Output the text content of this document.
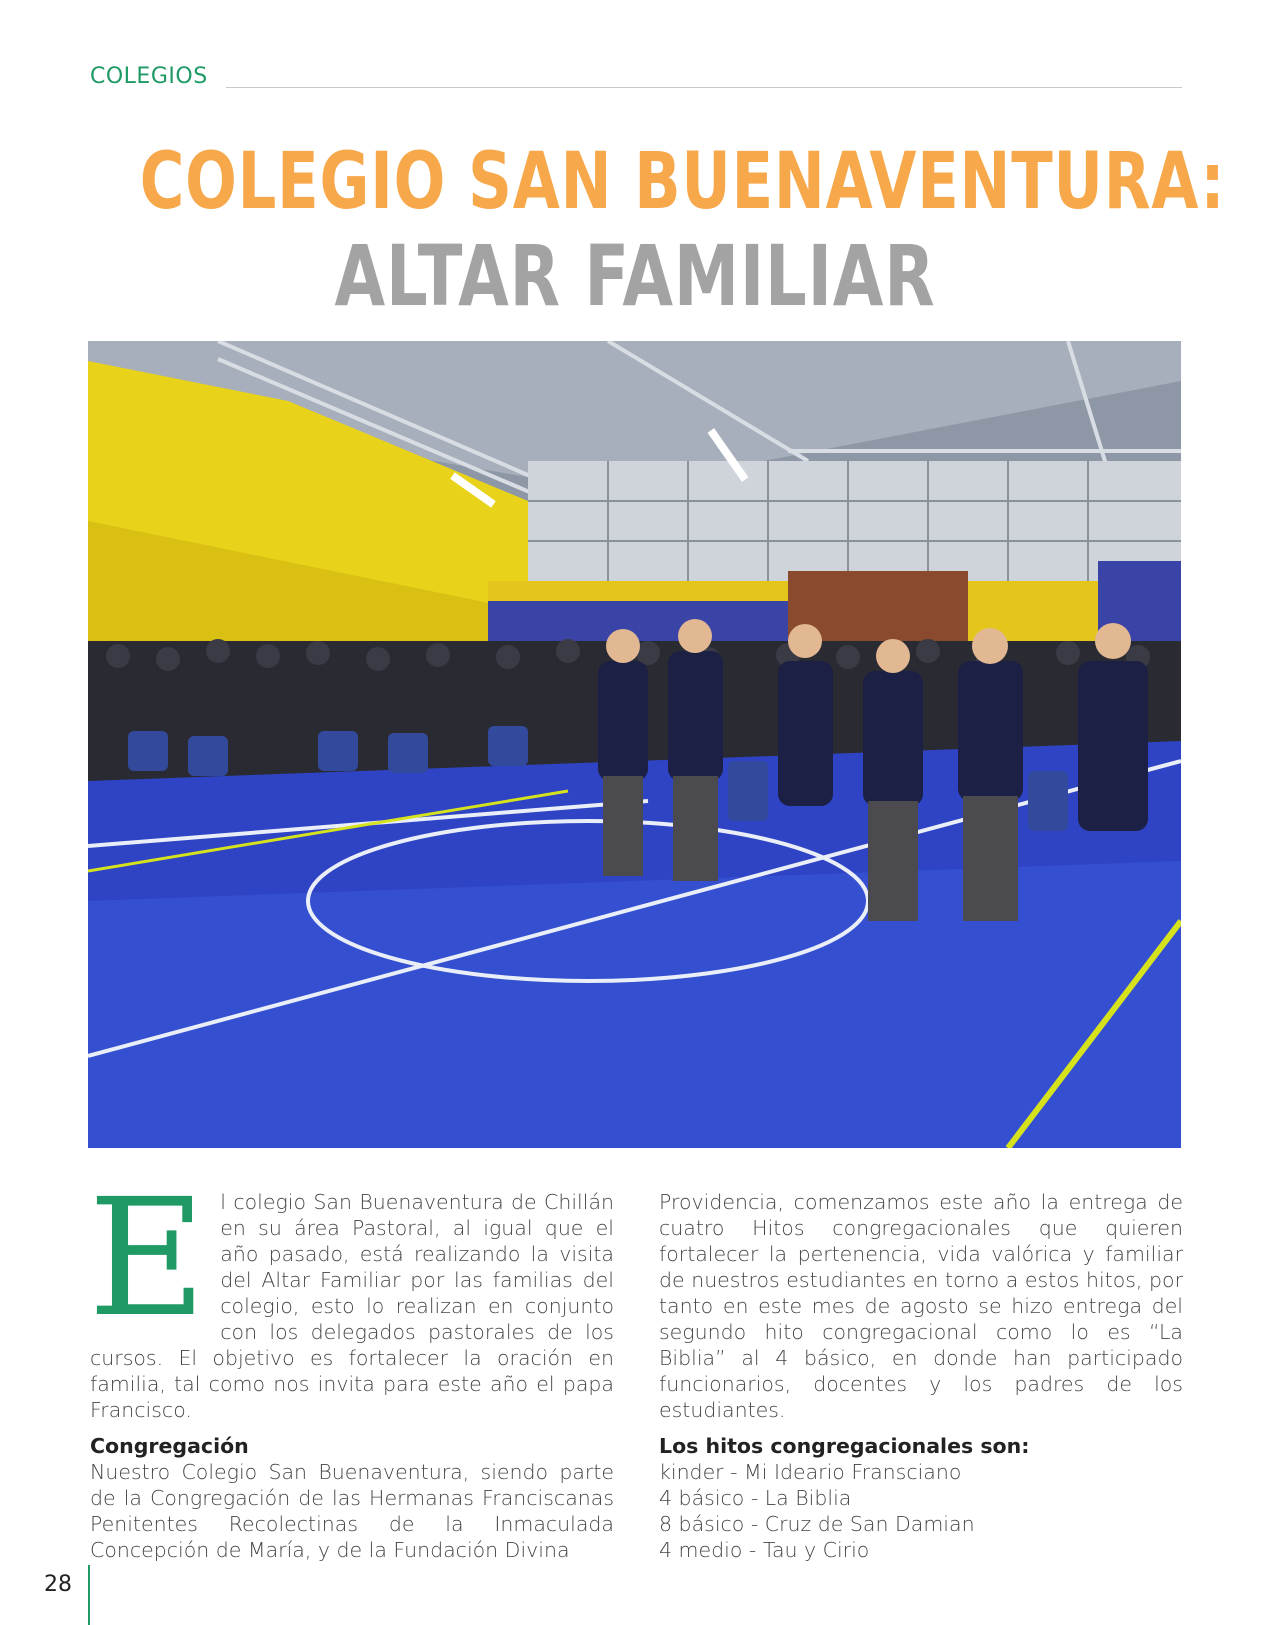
COLEGIOS
COLEGIO SAN BUENAVENTURA:
ALTAR FAMILIAR

El colegio San Buenaventura de Chillán en su área Pastoral, al igual que el año pasado, está realizando la visita del Altar Familiar por las familias del colegio, esto lo realizan en conjunto con los delegados pastorales de los cursos. El objetivo es fortalecer la oración en familia, tal como nos invita para este año el papa Francisco.

Congregación

Nuestro Colegio San Buenaventura, siendo parte de la Congregación de las Hermanas Franciscanas Penitentes Recolectinas de la Inmaculada Concepción de María, y de la Fundación Divina

Providencia, comenzamos este año la entrega de cuatro Hitos congregacionales que quieren fortalecer la pertenencia, vida valórica y familiar de nuestros estudiantes en torno a estos hitos, por tanto en este mes de agosto se hizo entrega del segundo hito congregacional como lo es “La Biblia” al 4 básico, en donde han participado funcionarios, docentes y los padres de los estudiantes.

Los hitos congregacionales son:
kinder - Mi Ideario Fransciano
4 básico - La Biblia
8 básico - Cruz de San Damian
4 medio - Tau y Cirio
28
